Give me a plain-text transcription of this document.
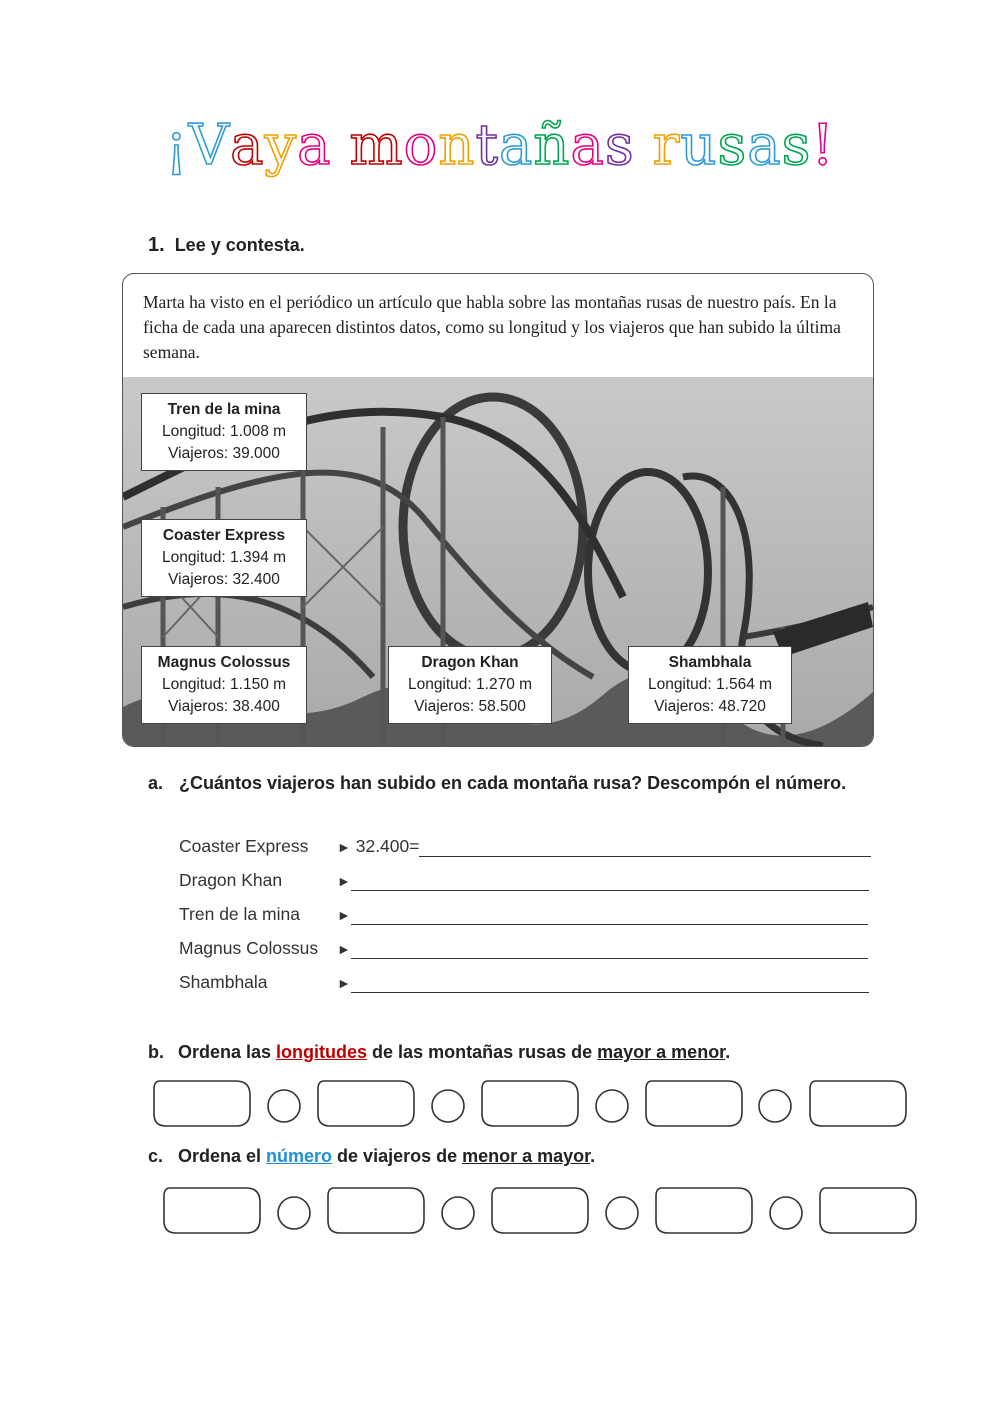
¡Vaya montañas rusas!
1. Lee y contesta.
Marta ha visto en el periódico un artículo que habla sobre las montañas rusas de nuestro país. En la ficha de cada una aparecen distintos datos, como su longitud y los viajeros que han subido la última semana.
Tren de la mina
Longitud: 1.008 m
Viajeros: 39.000
Coaster Express
Longitud: 1.394 m
Viajeros: 32.400
Magnus Colossus
Longitud: 1.150 m
Viajeros: 38.400
Dragon Khan
Longitud: 1.270 m
Viajeros: 58.500
Shambhala
Longitud: 1.564 m
Viajeros: 48.720
a. ¿Cuántos viajeros han subido en cada montaña rusa? Descompón el número.
Coaster Express ► 32.400=
Dragon Khan	►
Tren de la mina	►
Magnus Colossus ►
Shambhala	►
b. Ordena las longitudes de las montañas rusas de mayor a menor.
c. Ordena el número de viajeros de menor a mayor.
